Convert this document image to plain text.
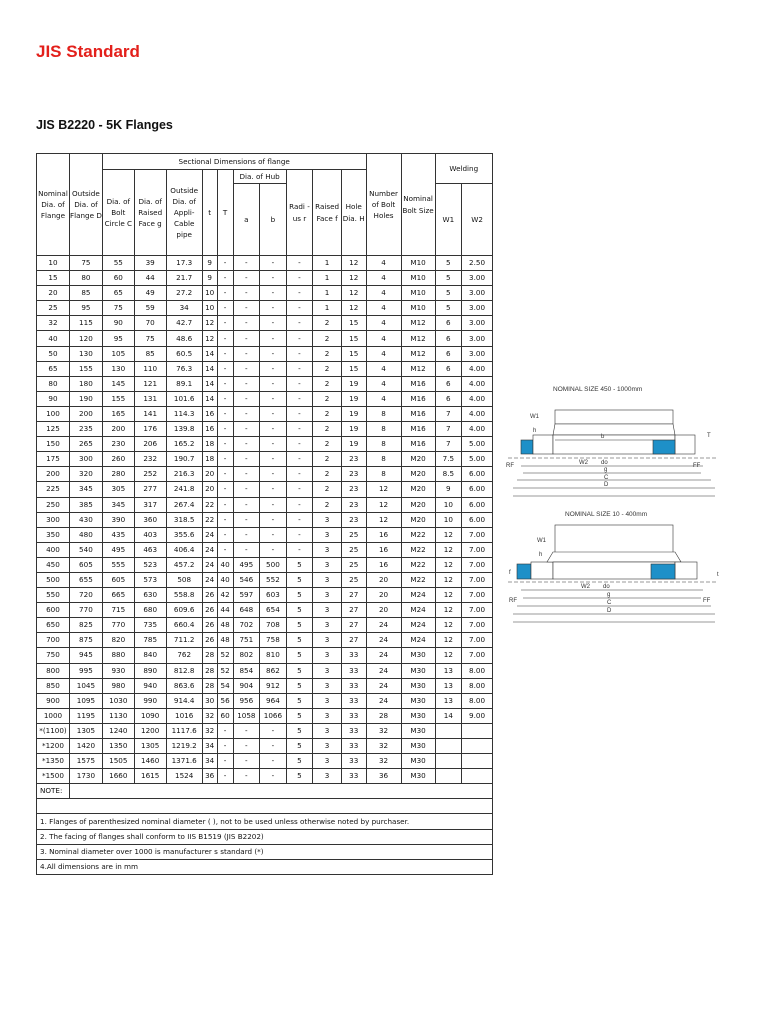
JIS Standard
JIS B2220 - 5K Flanges
Nominal Dia. of Flange	Outside Dia. of Flange D	Sectional Dimensions of flange										Number of Bolt Holes	Nominal Bolt Size	Welding	
		Dia. of Bolt Circle C	Dia. of Raised Face g	Outside Dia. of Appli- Cable pipe	t	T	Dia. of Hub		Radi -us r	Raised Face f	Hole Dia. H				
							a	b						W1	W2
10	75	55	39	17.3	9	-	-	-	-	1	12	4	M10	5	2.50
15	80	60	44	21.7	9	-	-	-	-	1	12	4	M10	5	3.00
20	85	65	49	27.2	10	-	-	-	-	1	12	4	M10	5	3.00
25	95	75	59	34	10	-	-	-	-	1	12	4	M10	5	3.00
32	115	90	70	42.7	12	-	-	-	-	2	15	4	M12	6	3.00
40	120	95	75	48.6	12	-	-	-	-	2	15	4	M12	6	3.00
50	130	105	85	60.5	14	-	-	-	-	2	15	4	M12	6	3.00
65	155	130	110	76.3	14	-	-	-	-	2	15	4	M12	6	4.00
80	180	145	121	89.1	14	-	-	-	-	2	19	4	M16	6	4.00
90	190	155	131	101.6	14	-	-	-	-	2	19	4	M16	6	4.00
100	200	165	141	114.3	16	-	-	-	-	2	19	8	M16	7	4.00
125	235	200	176	139.8	16	-	-	-	-	2	19	8	M16	7	4.00
150	265	230	206	165.2	18	-	-	-	-	2	19	8	M16	7	5.00
175	300	260	232	190.7	18	-	-	-	-	2	23	8	M20	7.5	5.00
200	320	280	252	216.3	20	-	-	-	-	2	23	8	M20	8.5	6.00
225	345	305	277	241.8	20	-	-	-	-	2	23	12	M20	9	6.00
250	385	345	317	267.4	22	-	-	-	-	2	23	12	M20	10	6.00
300	430	390	360	318.5	22	-	-	-	-	3	23	12	M20	10	6.00
350	480	435	403	355.6	24	-	-	-	-	3	25	16	M22	12	7.00
400	540	495	463	406.4	24	-	-	-	-	3	25	16	M22	12	7.00
450	605	555	523	457.2	24	40	495	500	5	3	25	16	M22	12	7.00
500	655	605	573	508	24	40	546	552	5	3	25	20	M22	12	7.00
550	720	665	630	558.8	26	42	597	603	5	3	27	20	M24	12	7.00
600	770	715	680	609.6	26	44	648	654	5	3	27	20	M24	12	7.00
650	825	770	735	660.4	26	48	702	708	5	3	27	24	M24	12	7.00
700	875	820	785	711.2	26	48	751	758	5	3	27	24	M24	12	7.00
750	945	880	840	762	28	52	802	810	5	3	33	24	M30	12	7.00
800	995	930	890	812.8	28	52	854	862	5	3	33	24	M30	13	8.00
850	1045	980	940	863.6	28	54	904	912	5	3	33	24	M30	13	8.00
900	1095	1030	990	914.4	30	56	956	964	5	3	33	24	M30	13	8.00
1000	1195	1130	1090	1016	32	60	1058	1066	5	3	33	28	M30	14	9.00
*(1100)	1305	1240	1200	1117.6	32	-	-	-	5	3	33	32	M30		
*1200	1420	1350	1305	1219.2	34	-	-	-	5	3	33	32	M30		
*1350	1575	1505	1460	1371.6	34	-	-	-	5	3	33	32	M30		
*1500	1730	1660	1615	1524	36	-	-	-	5	3	33	36	M30		
NOTE:															

1. Flanges of parenthesized nominal diameter ( ), not to be used unless otherwise noted by purchaser.															
2. The facing of flanges shall conform to IIS B1519 (JIS B2202)															
3. Nominal diameter over 1000 is manufacturer s standard (*)															
4.All dimensions are in mm															
NOMINAL SIZE 450 - 1000mm
W1
h
b	T
W2 do
g
C
D
RF	FF
NOMINAL SIZE 10 - 400mm
W1
h
f	t
W2 do
g
C
D
RF	FF
